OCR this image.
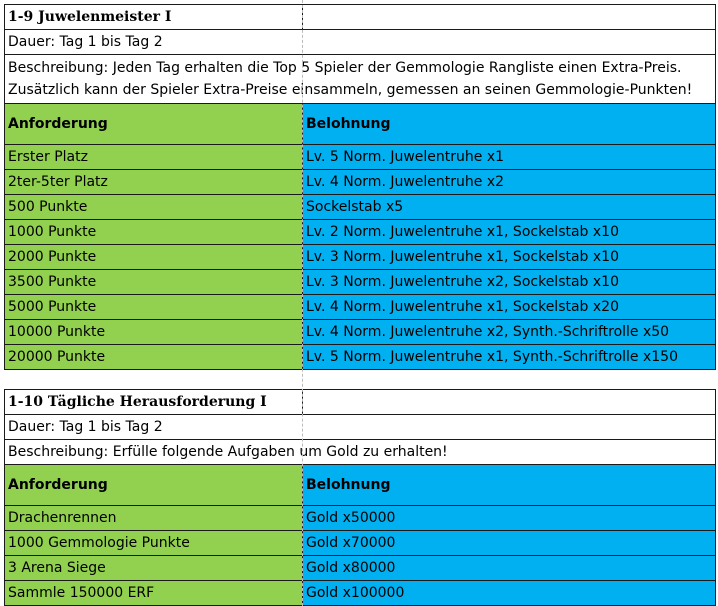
1-9 Juwelenmeister I	
Dauer: Tag 1 bis Tag 2	
Beschreibung: Jeden Tag erhalten die Top 5 Spieler der Gemmologie Rangliste einen Extra-Preis. Zusätzlich kann der Spieler Extra-Preise einsammeln, gemessen an seinen Gemmologie-Punkten!	
Anforderung	Belohnung
Erster Platz	Lv. 5 Norm. Juwelentruhe x1
2ter-5ter Platz	Lv. 4 Norm. Juwelentruhe x2
500 Punkte	Sockelstab x5
1000 Punkte	Lv. 2 Norm. Juwelentruhe x1, Sockelstab x10
2000 Punkte	Lv. 3 Norm. Juwelentruhe x1, Sockelstab x10
3500 Punkte	Lv. 3 Norm. Juwelentruhe x2, Sockelstab x10
5000 Punkte	Lv. 4 Norm. Juwelentruhe x1, Sockelstab x20
10000 Punkte	Lv. 4 Norm. Juwelentruhe x2, Synth.-Schriftrolle x50
20000 Punkte	Lv. 5 Norm. Juwelentruhe x1, Synth.-Schriftrolle x150
1-10 Tägliche Herausforderung I	
Dauer: Tag 1 bis Tag 2	
Beschreibung: Erfülle folgende Aufgaben um Gold zu erhalten!	
Anforderung	Belohnung
Drachenrennen	Gold x50000
1000 Gemmologie Punkte	Gold x70000
3 Arena Siege	Gold x80000
Sammle 150000 ERF	Gold x100000
